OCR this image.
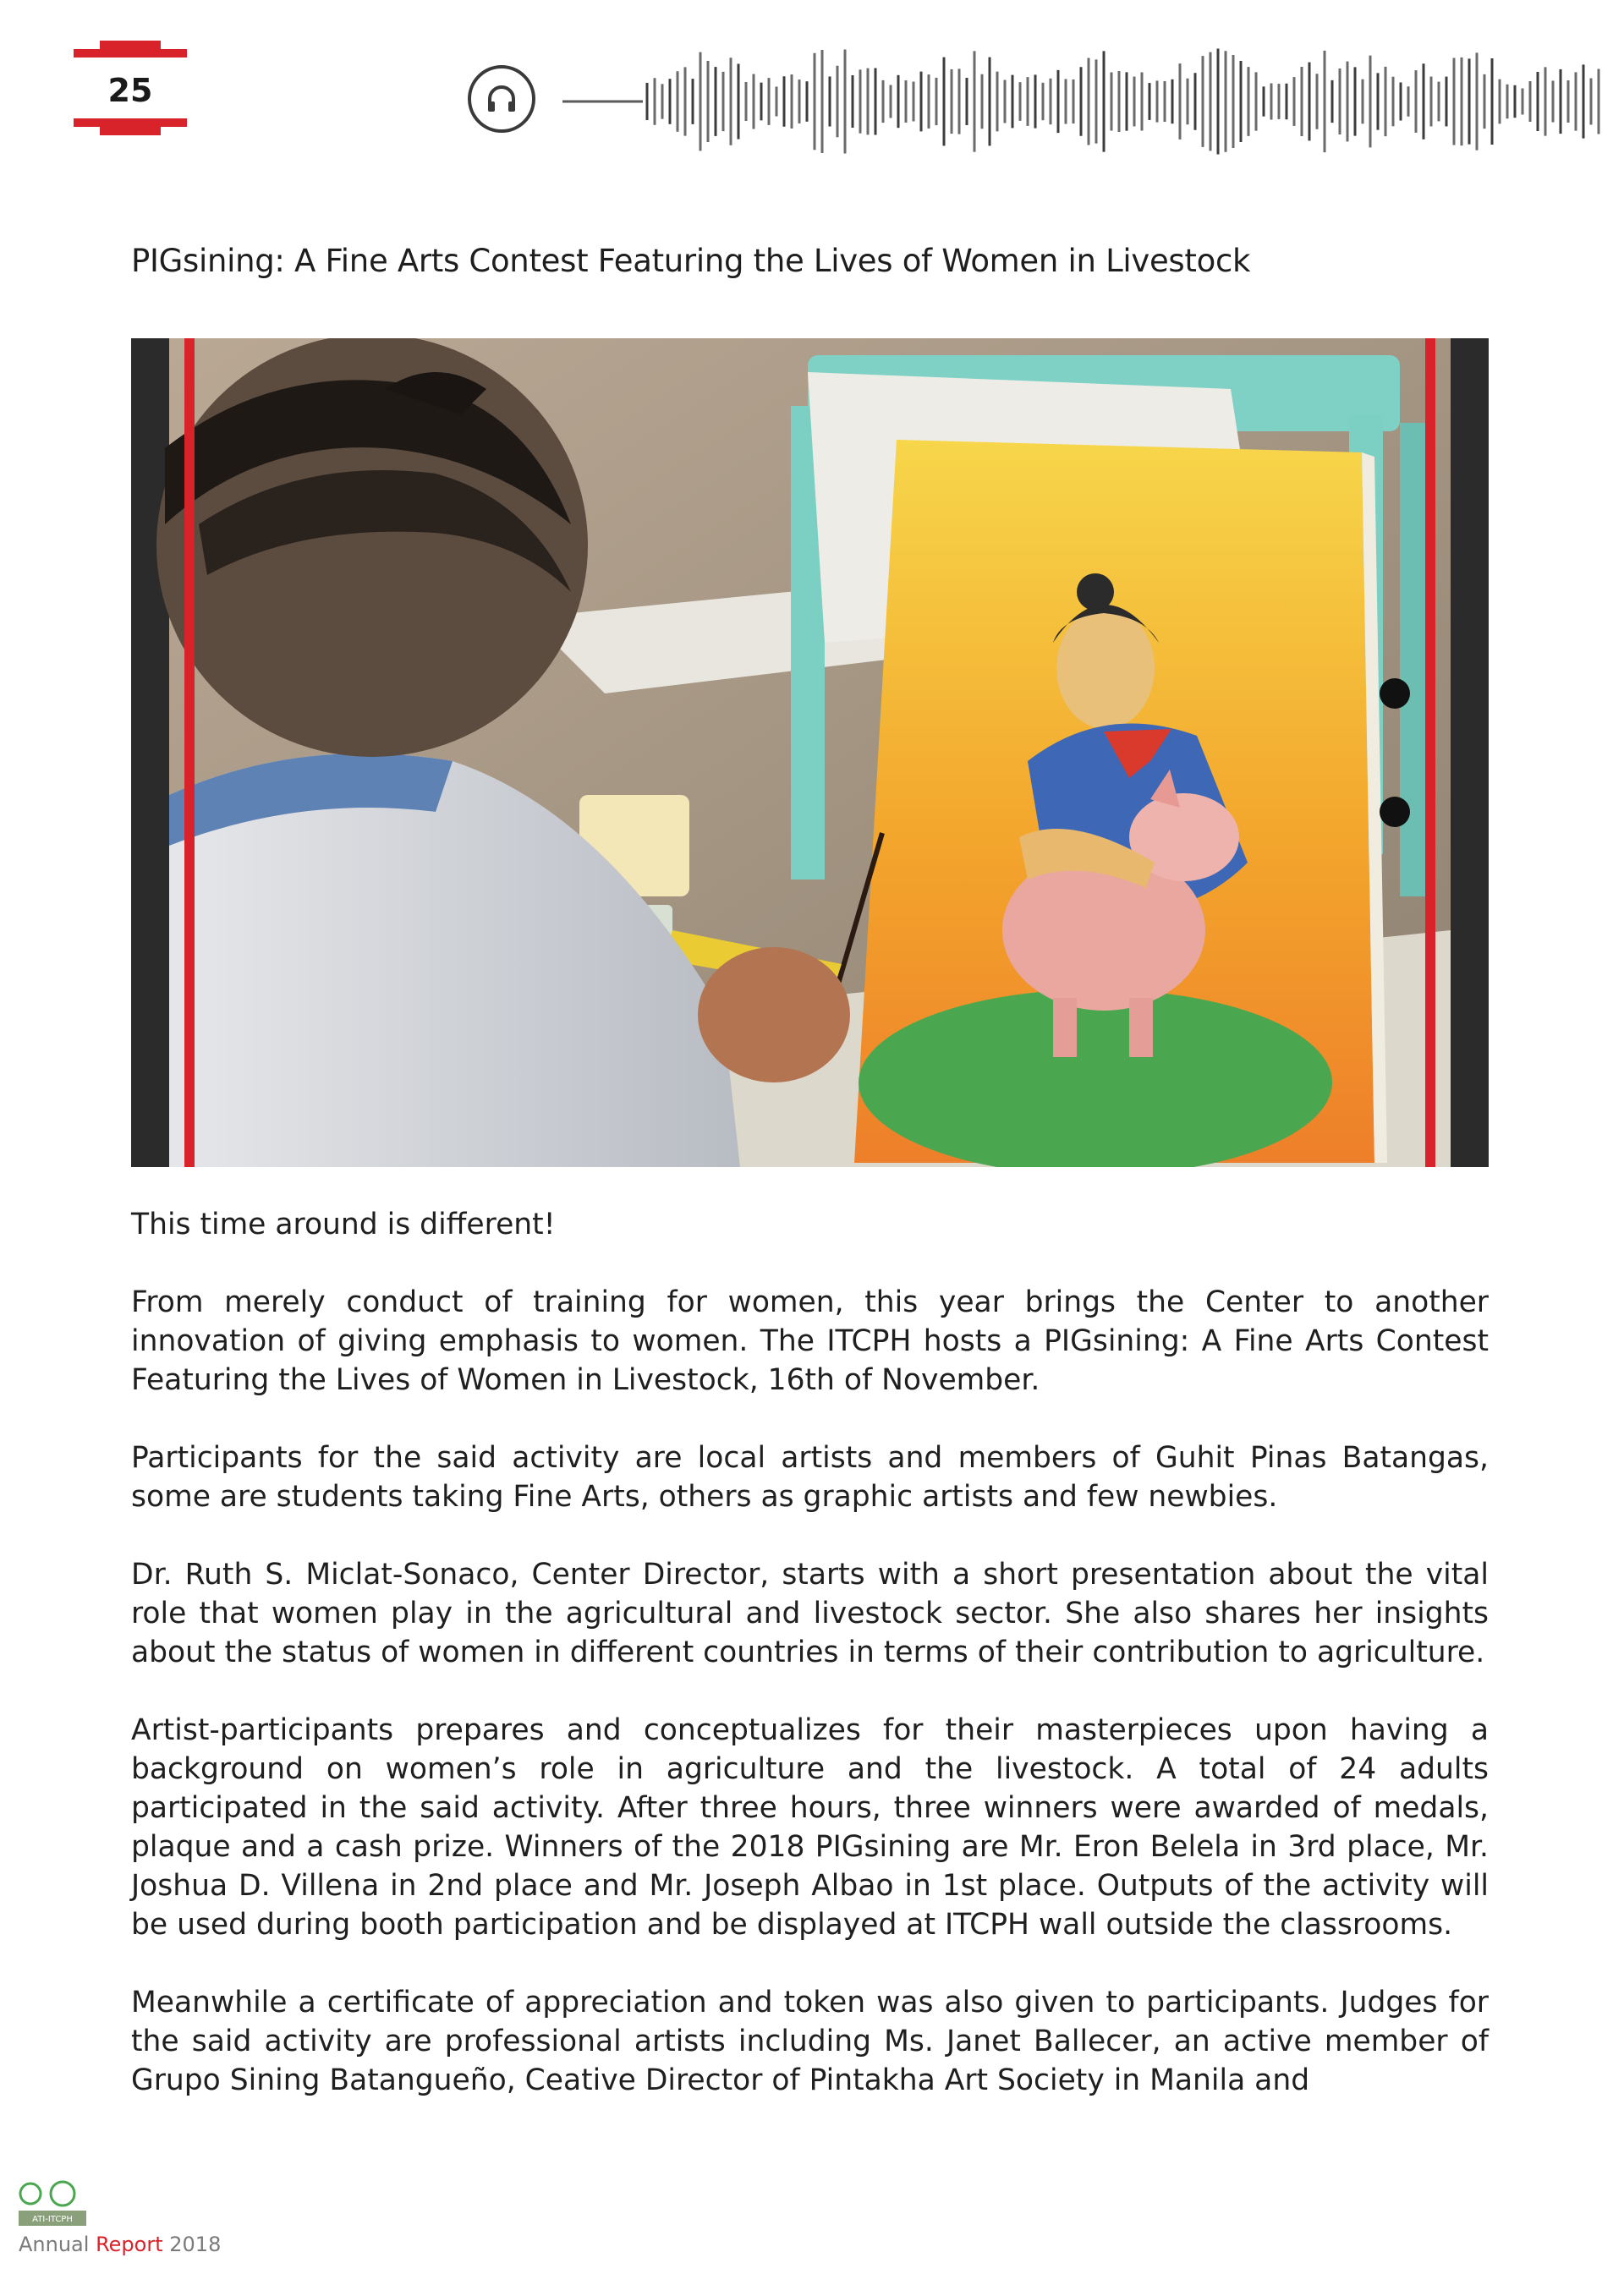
25
PIGsining: A Fine Arts Contest Featuring the Lives of Women in Livestock

This time around is different!

From merely conduct of training for women, this year brings the Center to another innovation of giving emphasis to women. The ITCPH hosts a PIGsining: A Fine Arts Contest Featuring the Lives of Women in Livestock, 16th of November.

Participants for the said activity are local artists and members of Guhit Pinas Batangas, some are students taking Fine Arts, others as graphic artists and few newbies.

Dr. Ruth S. Miclat-Sonaco, Center Director, starts with a short presentation about the vital role that women play in the agricultural and livestock sector. She also shares her insights about the status of women in different countries in terms of their contribution to agriculture.

Artist-participants prepares and conceptualizes for their masterpieces upon having a background on women’s role in agriculture and the livestock. A total of 24 adults participated in the said activity. After three hours, three winners were awarded of medals, plaque and a cash prize. Winners of the 2018 PIGsining are Mr. Eron Belela in 3rd place, Mr. Joshua D. Villena in 2nd place and Mr. Joseph Albao in 1st place. Outputs of the activity will be used during booth participation and be displayed at ITCPH wall outside the classrooms.

Meanwhile a certificate of appreciation and token was also given to participants. Judges for the said activity are professional artists including Ms. Janet Ballecer, an active member of Grupo Sining Batangueño, Ceative Director of Pintakha Art Society in Manila and

ATI-ITCPH
Annual Report 2018
